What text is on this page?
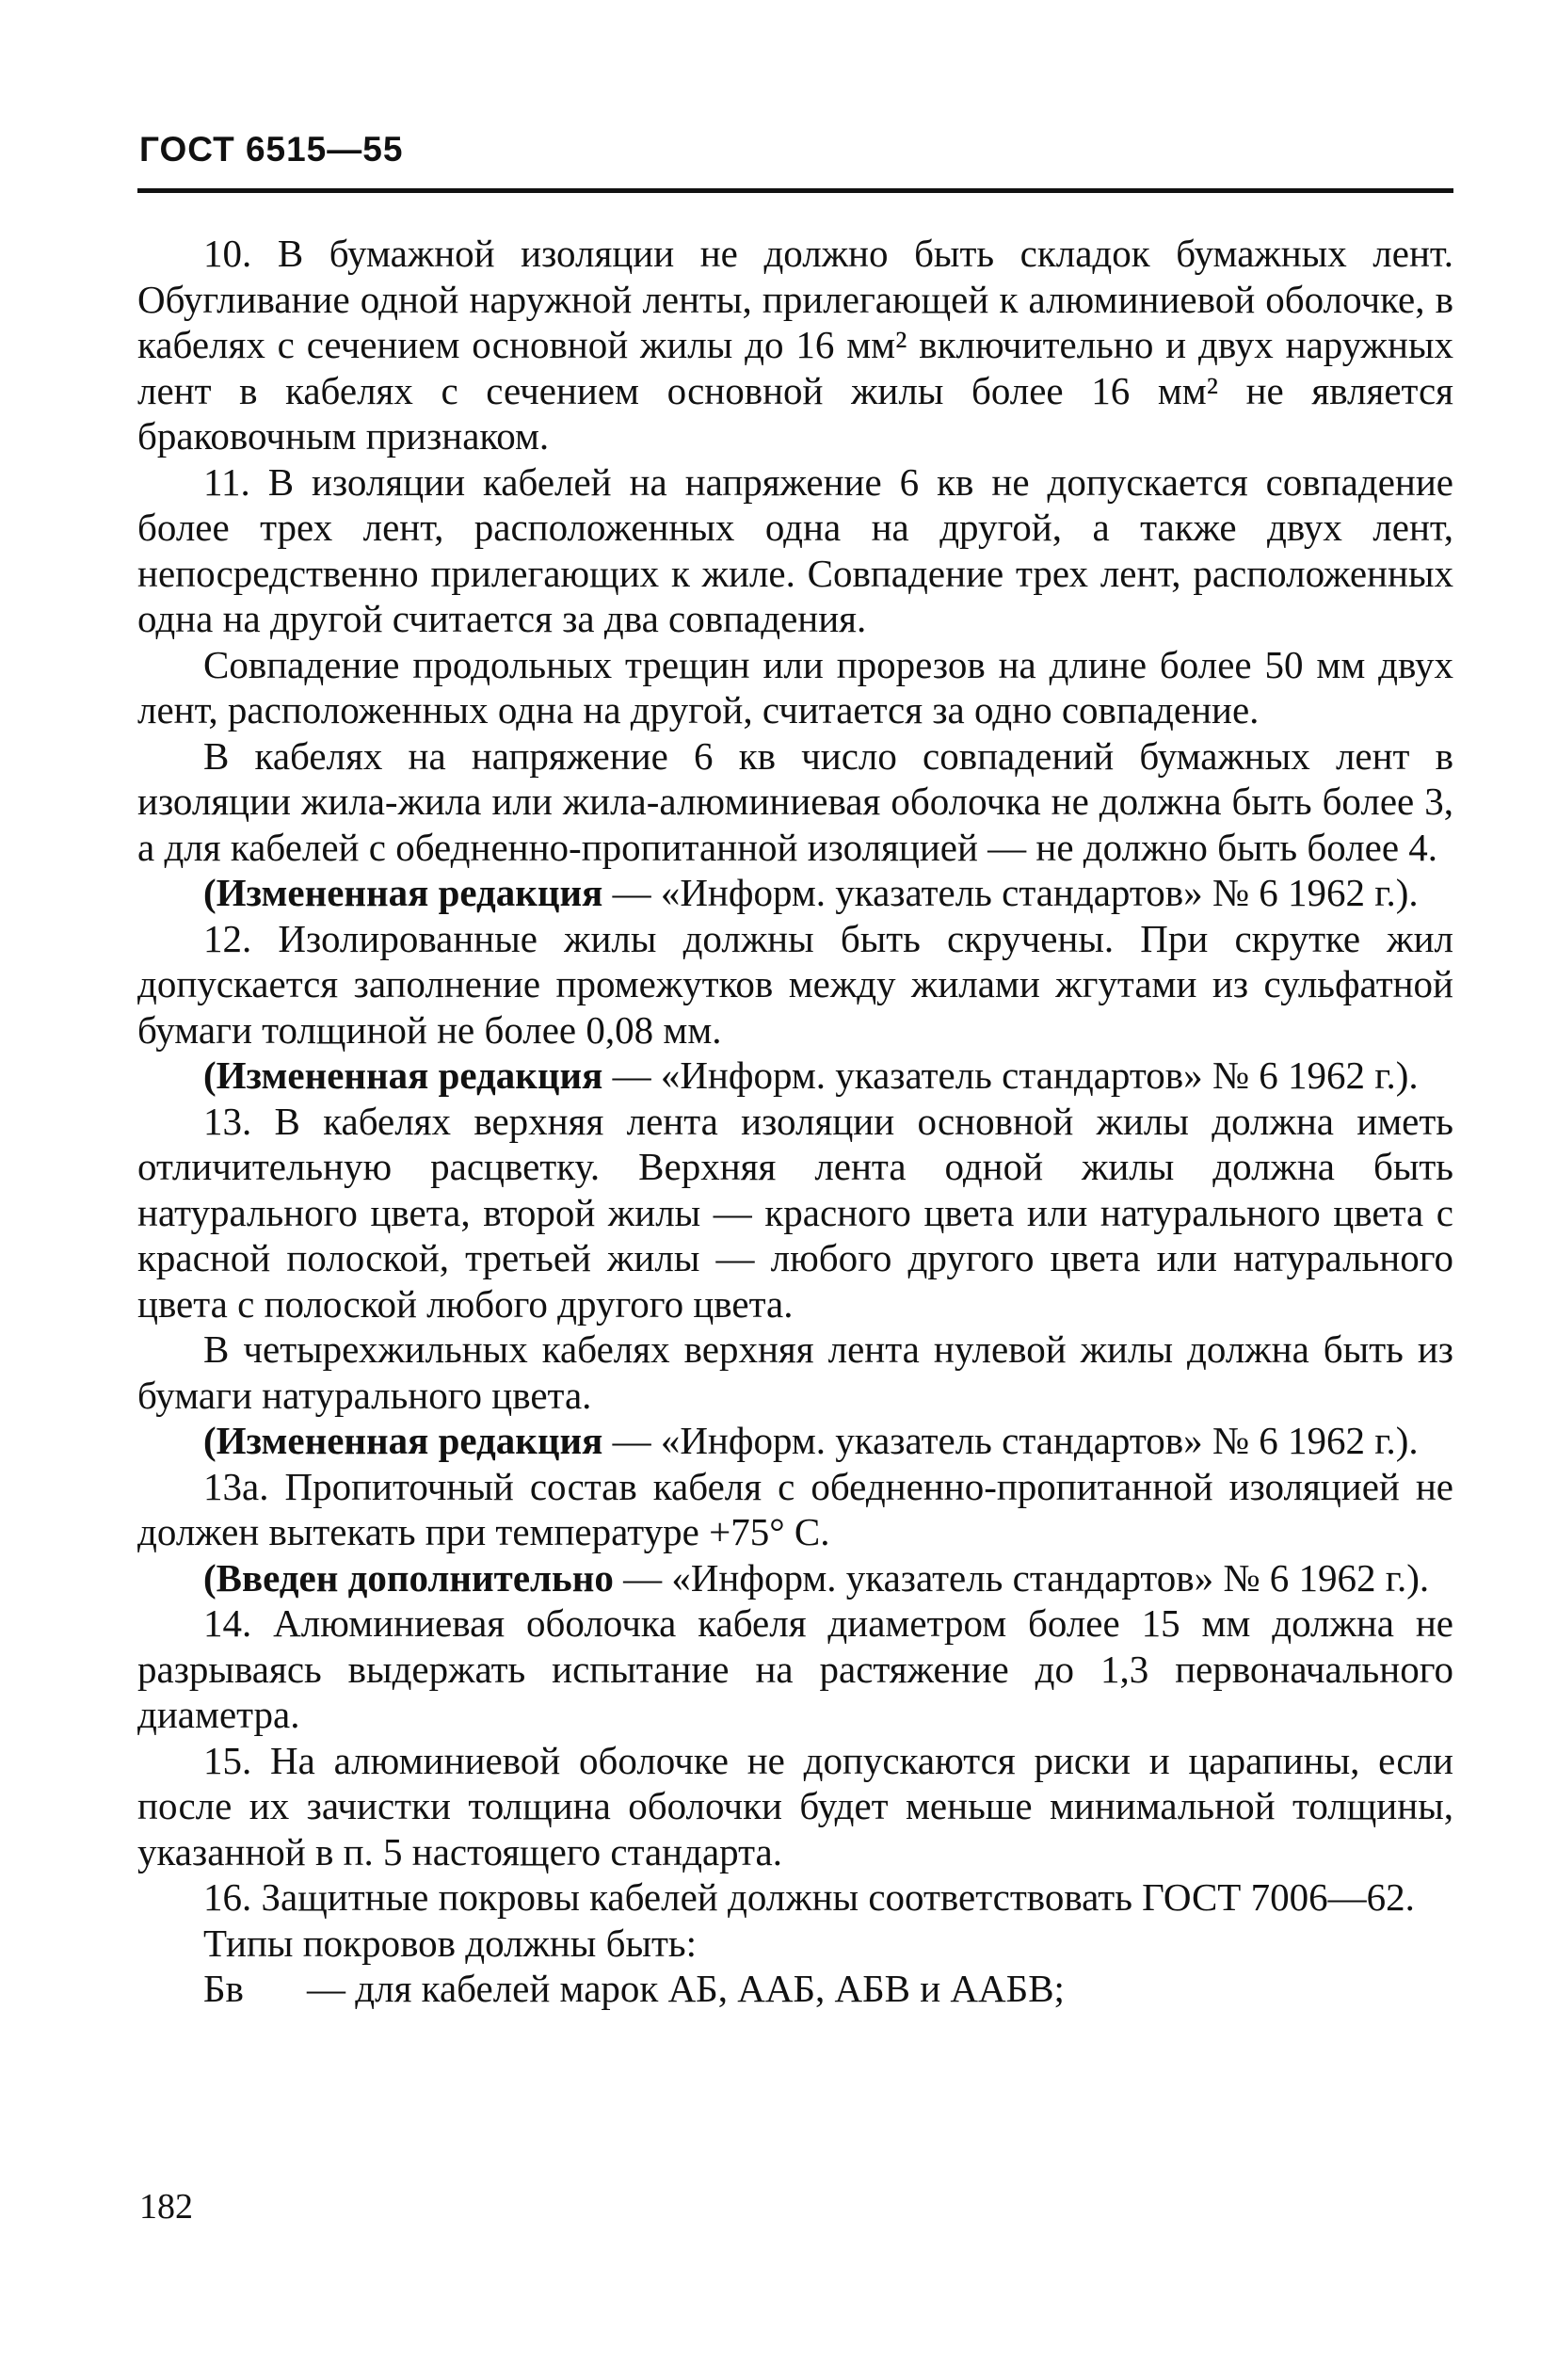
ГОСТ 6515—55

10. В бумажной изоляции не должно быть складок бумажных лент. Обугливание одной наружной ленты, прилегающей к алюминиевой оболочке, в кабелях с сечением основной жилы до 16 мм² включительно и двух наружных лент в кабелях с сечением основной жилы более 16 мм² не является браковочным признаком.

11. В изоляции кабелей на напряжение 6 кв не допускается совпадение более трех лент, расположенных одна на другой, а также двух лент, непосредственно прилегающих к жиле. Совпадение трех лент, расположенных одна на другой считается за два совпадения.

Совпадение продольных трещин или прорезов на длине более 50 мм двух лент, расположенных одна на другой, считается за одно совпадение.

В кабелях на напряжение 6 кв число совпадений бумажных лент в изоляции жила-жила или жила-алюминиевая оболочка не должна быть более 3, а для кабелей с обедненно-пропитанной изоляцией — не должно быть более 4.

(Измененная редакция — «Информ. указатель стандартов» № 6 1962 г.).

12. Изолированные жилы должны быть скручены. При скрутке жил допускается заполнение промежутков между жилами жгутами из сульфатной бумаги толщиной не более 0,08 мм.

(Измененная редакция — «Информ. указатель стандартов» № 6 1962 г.).

13. В кабелях верхняя лента изоляции основной жилы должна иметь отличительную расцветку. Верхняя лента одной жилы должна быть натурального цвета, второй жилы — красного цвета или натурального цвета с красной полоской, третьей жилы — любого другого цвета или натурального цвета с полоской любого другого цвета.

В четырехжильных кабелях верхняя лента нулевой жилы должна быть из бумаги натурального цвета.

(Измененная редакция — «Информ. указатель стандартов» № 6 1962 г.).

13а. Пропиточный состав кабеля с обедненно-пропитанной изоляцией не должен вытекать при температуре +75° С.

(Введен дополнительно — «Информ. указатель стандартов» № 6 1962 г.).

14. Алюминиевая оболочка кабеля диаметром более 15 мм должна не разрываясь выдержать испытание на растяжение до 1,3 первоначального диаметра.

15. На алюминиевой оболочке не допускаются риски и царапины, если после их зачистки толщина оболочки будет меньше минимальной толщины, указанной в п. 5 настоящего стандарта.

16. Защитные покровы кабелей должны соответствовать ГОСТ 7006—62.

Типы покровов должны быть:

Бв	— для кабелей марок АБ, ААБ, АБВ и ААБВ;
182
